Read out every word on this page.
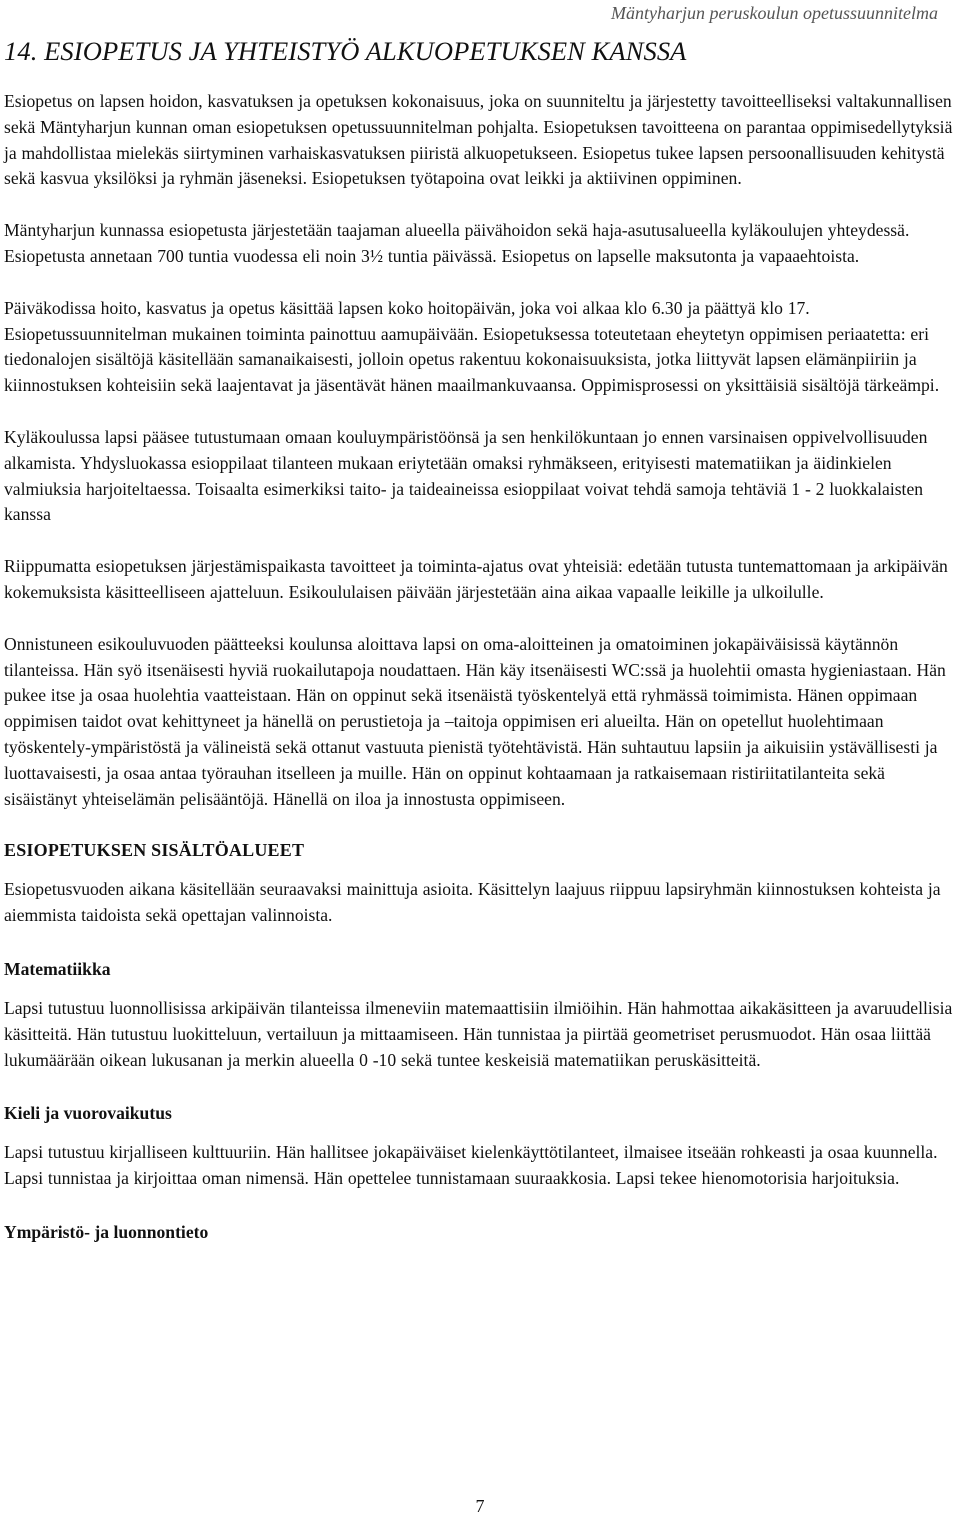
Mäntyharjun peruskoulun opetussuunnitelma
14. ESIOPETUS JA YHTEISTYÖ ALKUOPETUKSEN KANSSA

Esiopetus on lapsen hoidon, kasvatuksen ja opetuksen kokonaisuus, joka on suunniteltu ja järjestetty tavoitteelliseksi valtakunnallisen sekä Mäntyharjun kunnan oman esiopetuksen opetussuunnitelman pohjalta. Esiopetuksen tavoitteena on parantaa oppimisedellytyksiä ja mahdollistaa mielekäs siirtyminen varhaiskasvatuksen piiristä alkuopetukseen. Esiopetus tukee lapsen persoonallisuuden kehitystä sekä kasvua yksilöksi ja ryhmän jäseneksi. Esiopetuksen työtapoina ovat leikki ja aktiivinen oppiminen.

Mäntyharjun kunnassa esiopetusta järjestetään taajaman alueella päivähoidon sekä haja-asutusalueella kyläkoulujen yhteydessä. Esiopetusta annetaan 700 tuntia vuodessa eli noin 3½ tuntia päivässä. Esiopetus on lapselle maksutonta ja vapaaehtoista.

Päiväkodissa hoito, kasvatus ja opetus käsittää lapsen koko hoitopäivän, joka voi alkaa klo 6.30 ja päättyä klo 17. Esiopetussuunnitelman mukainen toiminta painottuu aamupäivään. Esiopetuksessa toteutetaan eheytetyn oppimisen periaatetta: eri tiedonalojen sisältöjä käsitellään samanaikaisesti, jolloin opetus rakentuu kokonaisuuksista, jotka liittyvät lapsen elämänpiiriin ja kiinnostuksen kohteisiin sekä laajentavat ja jäsentävät hänen maailmankuvaansa. Oppimisprosessi on yksittäisiä sisältöjä tärkeämpi.

Kyläkoulussa lapsi pääsee tutustumaan omaan kouluympäristöönsä ja sen henkilökuntaan jo ennen varsinaisen oppivelvollisuuden alkamista. Yhdysluokassa esioppilaat tilanteen mukaan eriytetään omaksi ryhmäkseen, erityisesti matematiikan ja äidinkielen valmiuksia harjoiteltaessa. Toisaalta esimerkiksi taito- ja taideaineissa esioppilaat voivat tehdä samoja tehtäviä 1 - 2 luokkalaisten kanssa

Riippumatta esiopetuksen järjestämispaikasta tavoitteet ja toiminta-ajatus ovat yhteisiä: edetään tutusta tuntemattomaan ja arkipäivän kokemuksista käsitteelliseen ajatteluun. Esikoululaisen päivään järjestetään aina aikaa vapaalle leikille ja ulkoilulle.

Onnistuneen esikouluvuoden päätteeksi koulunsa aloittava lapsi on oma-aloitteinen ja omatoiminen jokapäiväisissä käytännön tilanteissa. Hän syö itsenäisesti hyviä ruokailutapoja noudattaen. Hän käy itsenäisesti WC:ssä ja huolehtii omasta hygieniastaan. Hän pukee itse ja osaa huolehtia vaatteistaan. Hän on oppinut sekä itsenäistä työskentelyä että ryhmässä toimimista. Hänen oppimaan oppimisen taidot ovat kehittyneet ja hänellä on perustietoja ja –taitoja oppimisen eri alueilta. Hän on opetellut huolehtimaan työskentely-ympäristöstä ja välineistä sekä ottanut vastuuta pienistä työtehtävistä. Hän suhtautuu lapsiin ja aikuisiin ystävällisesti ja luottavaisesti, ja osaa antaa työrauhan itselleen ja muille. Hän on oppinut kohtaamaan ja ratkaisemaan ristiriitatilanteita sekä sisäistänyt yhteiselämän pelisääntöjä. Hänellä on iloa ja innostusta oppimiseen.

ESIOPETUKSEN SISÄLTÖALUEET

Esiopetusvuoden aikana käsitellään seuraavaksi mainittuja asioita. Käsittelyn laajuus riippuu lapsiryhmän kiinnostuksen kohteista ja aiemmista taidoista sekä opettajan valinnoista.

Matematiikka

Lapsi tutustuu luonnollisissa arkipäivän tilanteissa ilmeneviin matemaattisiin ilmiöihin. Hän hahmottaa aikakäsitteen ja avaruudellisia käsitteitä. Hän tutustuu luokitteluun, vertailuun ja mittaamiseen. Hän tunnistaa ja piirtää geometriset perusmuodot. Hän osaa liittää lukumäärään oikean lukusanan ja merkin alueella 0 -10 sekä tuntee keskeisiä matematiikan peruskäsitteitä.

Kieli ja vuorovaikutus

Lapsi tutustuu kirjalliseen kulttuuriin. Hän hallitsee jokapäiväiset kielenkäyttötilanteet, ilmaisee itseään rohkeasti ja osaa kuunnella. Lapsi tunnistaa ja kirjoittaa oman nimensä. Hän opettelee tunnistamaan suuraakkosia. Lapsi tekee hienomotorisia harjoituksia.

Ympäristö- ja luonnontieto
7
